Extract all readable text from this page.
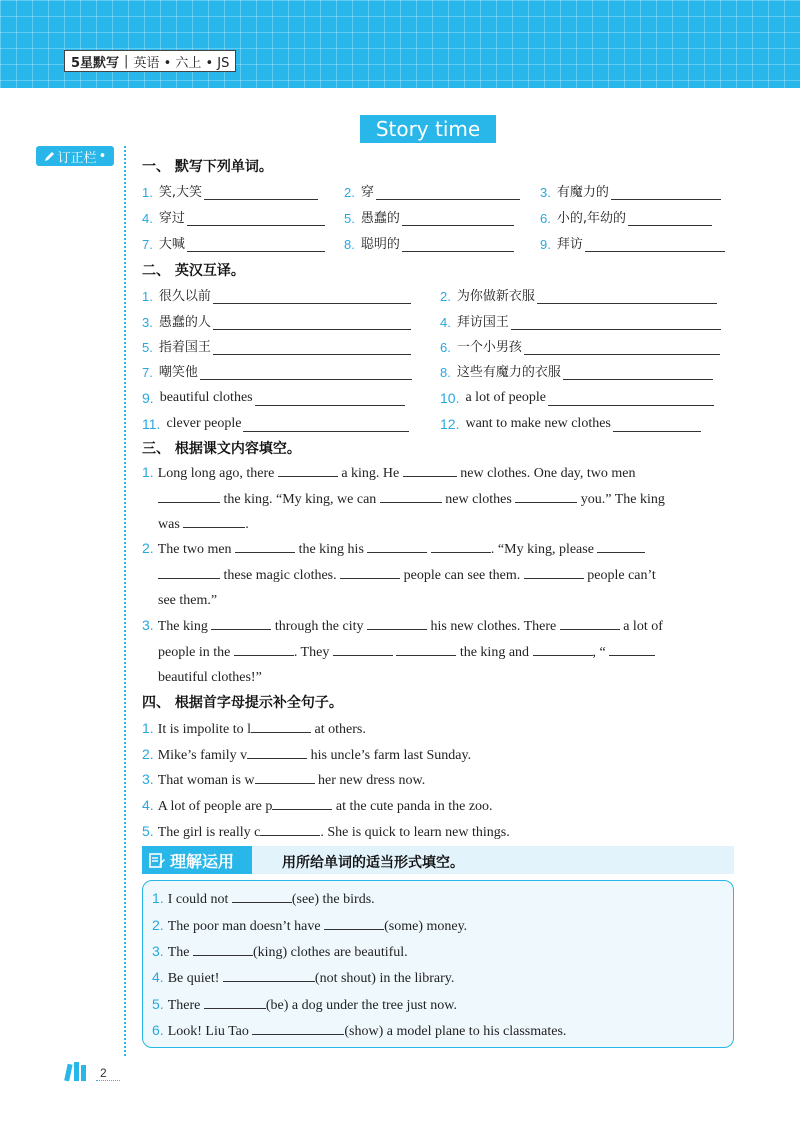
5星默写 | 英语 • 六上 • JS
Story time
订正栏 •
一、 默写下列单词。
1. 笑,大笑	2. 穿	3. 有魔力的
4. 穿过	5. 愚蠢的	6. 小的,年幼的
7. 大喊	8. 聪明的	9. 拜访
二、 英汉互译。
1. 很久以前	2. 为你做新衣服
3. 愚蠢的人	4. 拜访国王
5. 指着国王	6. 一个小男孩
7. 嘲笑他	8. 这些有魔力的衣服
9. beautiful clothes	10. a lot of people
11. clever people	12. want to make new clothes
三、 根据课文内容填空。
1. Long long ago, there	a king. He	new clothes. One day, two men
the king. “My king, we can	new clothes	you.” The king
was	.
2. The two men	the king his	. “My king, please
these magic clothes.	people can see them.	people can’t
see them.”
3. The king	through the city	his new clothes. There	a lot of
people in the	. They	the king and	, “
beautiful clothes!”
四、 根据首字母提示补全句子。
1. It is impolite to l	at others.
2. Mike’s family v	his uncle’s farm last Sunday.
3. That woman is w	her new dress now.
4. A lot of people are p	at the cute panda in the zoo.
5. The girl is really c	. She is quick to learn new things.
理解运用	用所给单词的适当形式填空。
1. I could not	(see) the birds.
2. The poor man doesn’t have	(some) money.
3. The	(king) clothes are beautiful.
4. Be quiet!	(not shout) in the library.
5. There	(be) a dog under the tree just now.
6. Look! Liu Tao	(show) a model plane to his classmates.
2
